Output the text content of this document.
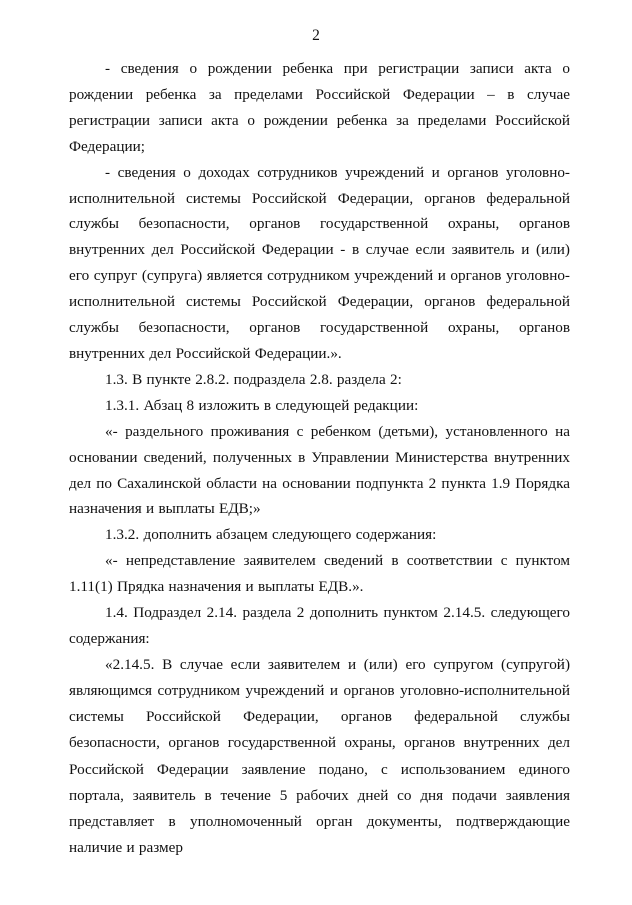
2

- сведения о рождении ребенка при регистрации записи акта о рождении ребенка за пределами Российской Федерации – в случае регистрации записи акта о рождении ребенка за пределами Российской Федерации;

- сведения о доходах сотрудников учреждений и органов уголовно-исполнительной системы Российской Федерации, органов федеральной службы безопасности, органов государственной охраны, органов внутренних дел Российской Федерации - в случае если заявитель и (или) его супруг (супруга) является сотрудником учреждений и органов уголовно-исполнительной системы Российской Федерации, органов федеральной службы безопасности, органов государственной охраны, органов внутренних дел Российской Федерации.».

1.3. В пункте 2.8.2. подраздела 2.8. раздела 2:

1.3.1. Абзац 8 изложить в следующей редакции:

«- раздельного проживания с ребенком (детьми), установленного на основании сведений, полученных в Управлении Министерства внутренних дел по Сахалинской области на основании подпункта 2 пункта 1.9 Порядка назначения и выплаты ЕДВ;»

1.3.2. дополнить абзацем следующего содержания:

«- непредставление заявителем сведений в соответствии с пунктом 1.11(1) Прядка назначения и выплаты ЕДВ.».

1.4. Подраздел 2.14. раздела 2 дополнить пунктом 2.14.5. следующего содержания:

«2.14.5. В случае если заявителем и (или) его супругом (супругой) являющимся сотрудником учреждений и органов уголовно-исполнительной системы Российской Федерации, органов федеральной службы безопасности, органов государственной охраны, органов внутренних дел Российской Федерации заявление подано, с использованием единого портала, заявитель в течение 5 рабочих дней со дня подачи заявления представляет в уполномоченный орган документы, подтверждающие наличие и размер
